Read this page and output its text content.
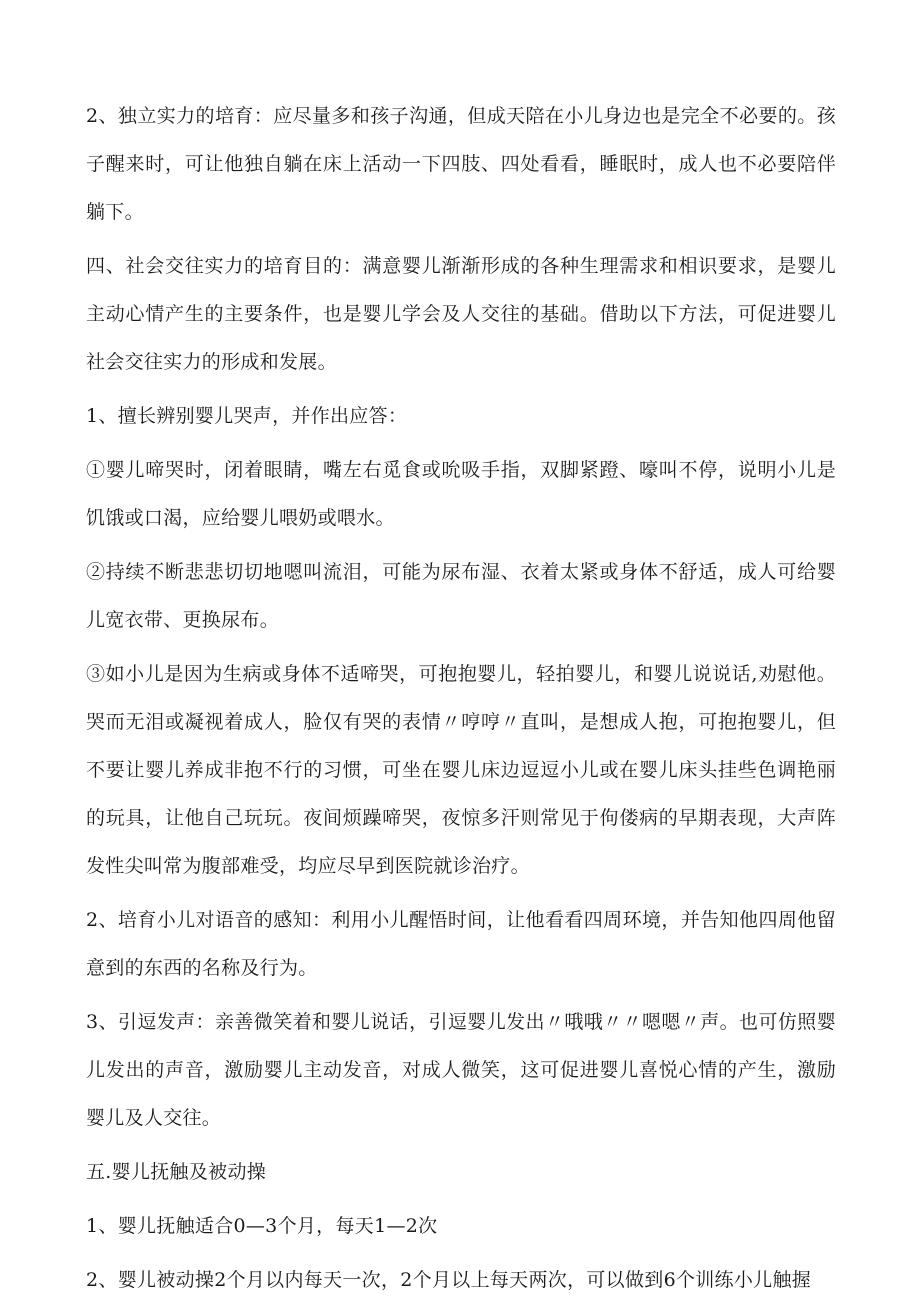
2、独立实力的培育：应尽量多和孩子沟通，但成天陪在小儿身边也是完全不必要的。孩子醒来时，可让他独自躺在床上活动一下四肢、四处看看，睡眠时，成人也不必要陪伴躺下。

四、社会交往实力的培育目的：满意婴儿渐渐形成的各种生理需求和相识要求，是婴儿主动心情产生的主要条件，也是婴儿学会及人交往的基础。借助以下方法，可促进婴儿社会交往实力的形成和发展。

1、擅长辨别婴儿哭声，并作出应答：

①婴儿啼哭时，闭着眼睛，嘴左右觅食或吮吸手指，双脚紧蹬、嚎叫不停，说明小儿是饥饿或口渴，应给婴儿喂奶或喂水。

②持续不断悲悲切切地嗯叫流泪，可能为尿布湿、衣着太紧或身体不舒适，成人可给婴儿宽衣带、更换尿布。

③如小儿是因为生病或身体不适啼哭，可抱抱婴儿，轻拍婴儿，和婴儿说说话,劝慰他。哭而无泪或凝视着成人，脸仅有哭的表情〃哼哼〃直叫，是想成人抱，可抱抱婴儿，但不要让婴儿养成非抱不行的习惯，可坐在婴儿床边逗逗小儿或在婴儿床头挂些色调艳丽的玩具，让他自己玩玩。夜间烦躁啼哭，夜惊多汗则常见于佝偻病的早期表现，大声阵发性尖叫常为腹部难受，均应尽早到医院就诊治疗。

2、培育小儿对语音的感知：利用小儿醒悟时间，让他看看四周环境，并告知他四周他留意到的东西的名称及行为。

3、引逗发声：亲善微笑着和婴儿说话，引逗婴儿发出〃哦哦〃〃嗯嗯〃声。也可仿照婴儿发出的声音，激励婴儿主动发音，对成人微笑，这可促进婴儿喜悦心情的产生，激励婴儿及人交往。

五.婴儿抚触及被动操

1、婴儿抚触适合0—3个月，每天1—2次

2、婴儿被动操2个月以内每天一次，2个月以上每天两次，可以做到6个训练小儿触握
